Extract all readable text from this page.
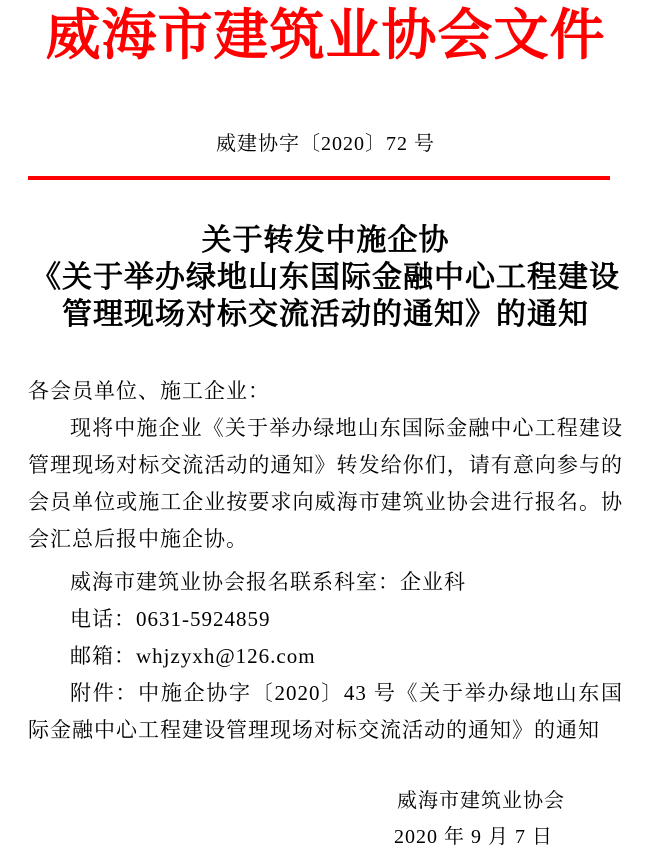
威海市建筑业协会文件
威建协字〔2020〕72 号
关于转发中施企协
《关于举办绿地山东国际金融中心工程建设
管理现场对标交流活动的通知》的通知

各会员单位、施工企业：

现将中施企业《关于举办绿地山东国际金融中心工程建设管理现场对标交流活动的通知》转发给你们，请有意向参与的会员单位或施工企业按要求向威海市建筑业协会进行报名。协会汇总后报中施企协。

威海市建筑业协会报名联系科室：企业科

电话：0631-5924859

邮箱：whjzyxh@126.com

附件：中施企协字〔2020〕43 号《关于举办绿地山东国际金融中心工程建设管理现场对标交流活动的通知》的通知

威海市建筑业协会
2020 年 9 月 7 日
